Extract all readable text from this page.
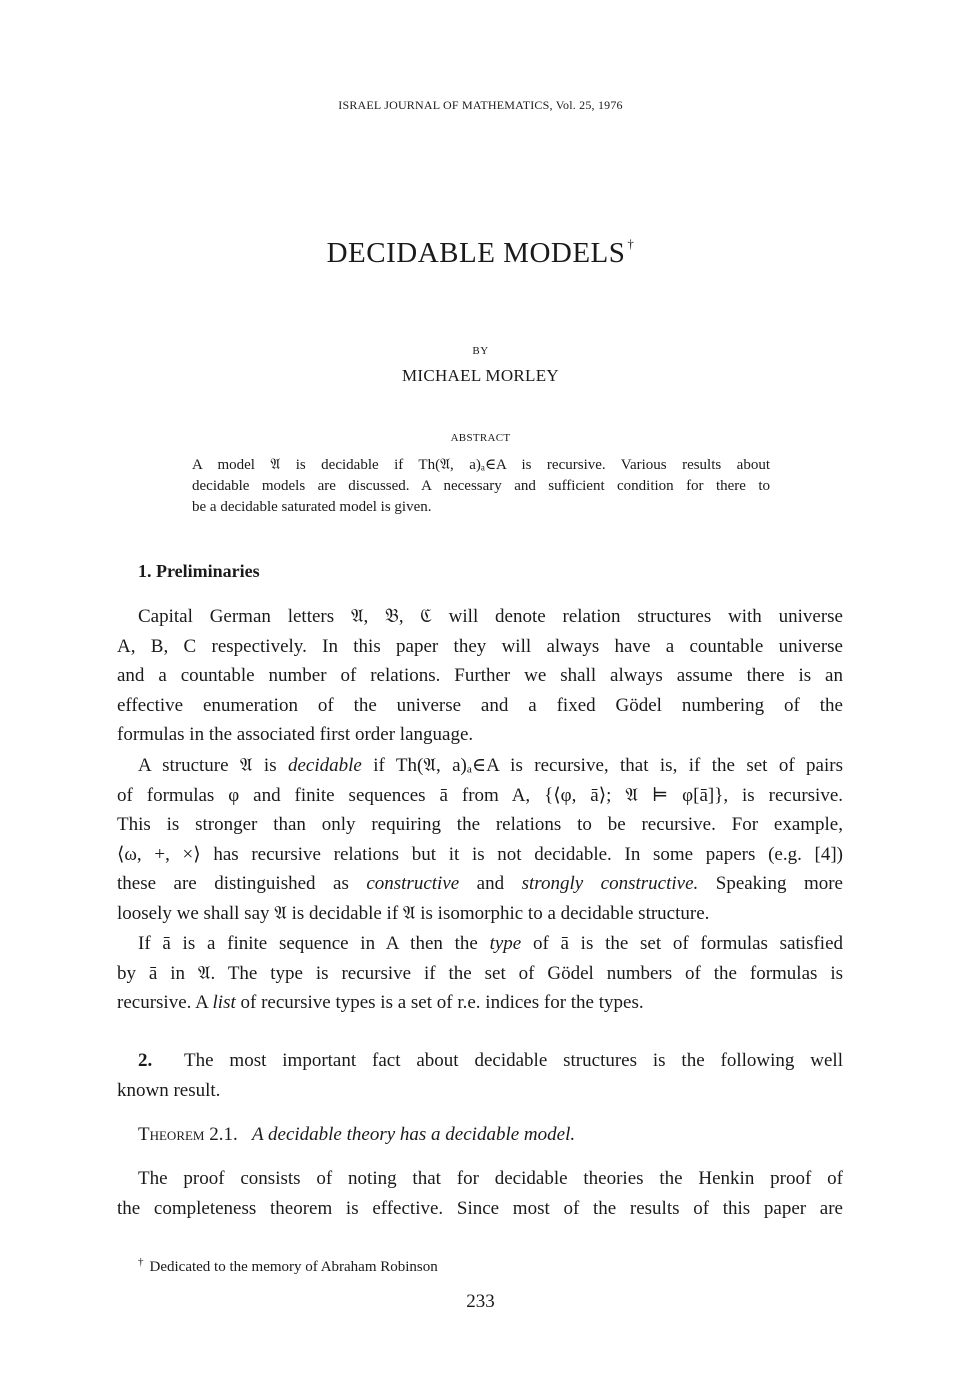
ISRAEL JOURNAL OF MATHEMATICS, Vol. 25, 1976
DECIDABLE MODELS †
BY
MICHAEL MORLEY
ABSTRACT
A model 𝔄 is decidable if Th(𝔄, a)ₐ∈A is recursive. Various results about
decidable models are discussed. A necessary and sufficient condition for there to
be a decidable saturated model is given.
1. Preliminaries
Capital German letters 𝔄, 𝔅, ℭ will denote relation structures with universe
A, B, C respectively. In this paper they will always have a countable universe
and a countable number of relations. Further we shall always assume there is an
effective enumeration of the universe and a fixed Gödel numbering of the
formulas in the associated first order language.
A structure 𝔄 is decidable if Th(𝔄, a)ₐ∈A is recursive, that is, if the set of pairs
of formulas φ and finite sequences ā from A, {⟨φ, ā⟩; 𝔄 ⊨ φ[ā]}, is recursive.
This is stronger than only requiring the relations to be recursive. For example,
⟨ω, +, ×⟩ has recursive relations but it is not decidable. In some papers (e.g. [4])
these are distinguished as constructive and strongly constructive. Speaking more
loosely we shall say 𝔄 is decidable if 𝔄 is isomorphic to a decidable structure.
If ā is a finite sequence in A then the type of ā is the set of formulas satisfied
by ā in 𝔄. The type is recursive if the set of Gödel numbers of the formulas is
recursive. A list of recursive types is a set of r.e. indices for the types.
2. The most important fact about decidable structures is the following well
known result.
Theorem 2.1. A decidable theory has a decidable model.
The proof consists of noting that for decidable theories the Henkin proof of
the completeness theorem is effective. Since most of the results of this paper are
† Dedicated to the memory of Abraham Robinson
233
